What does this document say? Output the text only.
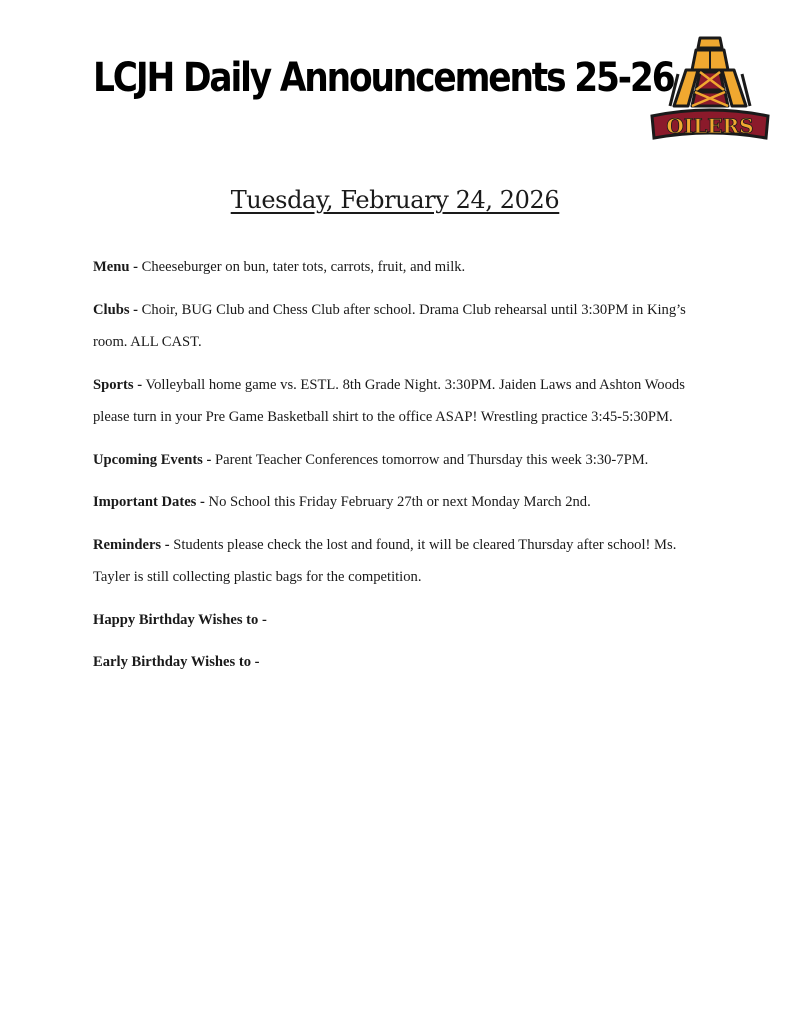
LCJH Daily Announcements 25-26
OILERS
Tuesday, February 24, 2026

Menu - Cheeseburger on bun, tater tots, carrots, fruit, and milk.

Clubs - Choir, BUG Club and Chess Club after school. Drama Club rehearsal until 3:30PM in King’s room. ALL CAST.

Sports - Volleyball home game vs. ESTL. 8th Grade Night. 3:30PM. Jaiden Laws and Ashton Woods please turn in your Pre Game Basketball shirt to the office ASAP! Wrestling practice 3:45-5:30PM.

Upcoming Events - Parent Teacher Conferences tomorrow and Thursday this week 3:30-7PM.

Important Dates - No School this Friday February 27th or next Monday March 2nd.

Reminders - Students please check the lost and found, it will be cleared Thursday after school! Ms. Tayler is still collecting plastic bags for the competition.

Happy Birthday Wishes to -

Early Birthday Wishes to -
